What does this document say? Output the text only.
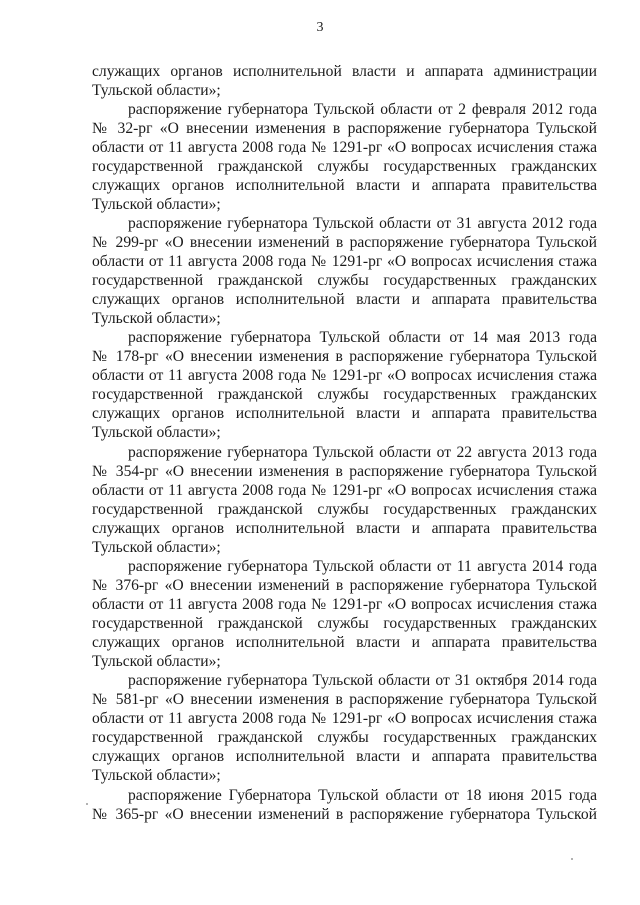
3
служащих органов исполнительной власти и аппарата администрации
Тульской области»;
распоряжение губернатора Тульской области от 2 февраля 2012 года
№ 32-рг «О внесении изменения в распоряжение губернатора Тульской
области от 11 августа 2008 года № 1291-рг «О вопросах исчисления стажа
государственной гражданской службы государственных гражданских
служащих органов исполнительной власти и аппарата правительства
Тульской области»;
распоряжение губернатора Тульской области от 31 августа 2012 года
№ 299-рг «О внесении изменений в распоряжение губернатора Тульской
области от 11 августа 2008 года № 1291-рг «О вопросах исчисления стажа
государственной гражданской службы государственных гражданских
служащих органов исполнительной власти и аппарата правительства
Тульской области»;
распоряжение губернатора Тульской области от 14 мая 2013 года
№ 178-рг «О внесении изменения в распоряжение губернатора Тульской
области от 11 августа 2008 года № 1291-рг «О вопросах исчисления стажа
государственной гражданской службы государственных гражданских
служащих органов исполнительной власти и аппарата правительства
Тульской области»;
распоряжение губернатора Тульской области от 22 августа 2013 года
№ 354-рг «О внесении изменения в распоряжение губернатора Тульской
области от 11 августа 2008 года № 1291-рг «О вопросах исчисления стажа
государственной гражданской службы государственных гражданских
служащих органов исполнительной власти и аппарата правительства
Тульской области»;
распоряжение губернатора Тульской области от 11 августа 2014 года
№ 376-рг «О внесении изменений в распоряжение губернатора Тульской
области от 11 августа 2008 года № 1291-рг «О вопросах исчисления стажа
государственной гражданской службы государственных гражданских
служащих органов исполнительной власти и аппарата правительства
Тульской области»;
распоряжение губернатора Тульской области от 31 октября 2014 года
№ 581-рг «О внесении изменения в распоряжение губернатора Тульской
области от 11 августа 2008 года № 1291-рг «О вопросах исчисления стажа
государственной гражданской службы государственных гражданских
служащих органов исполнительной власти и аппарата правительства
Тульской области»;
распоряжение Губернатора Тульской области от 18 июня 2015 года
№ 365-рг «О внесении изменений в распоряжение губернатора Тульской
